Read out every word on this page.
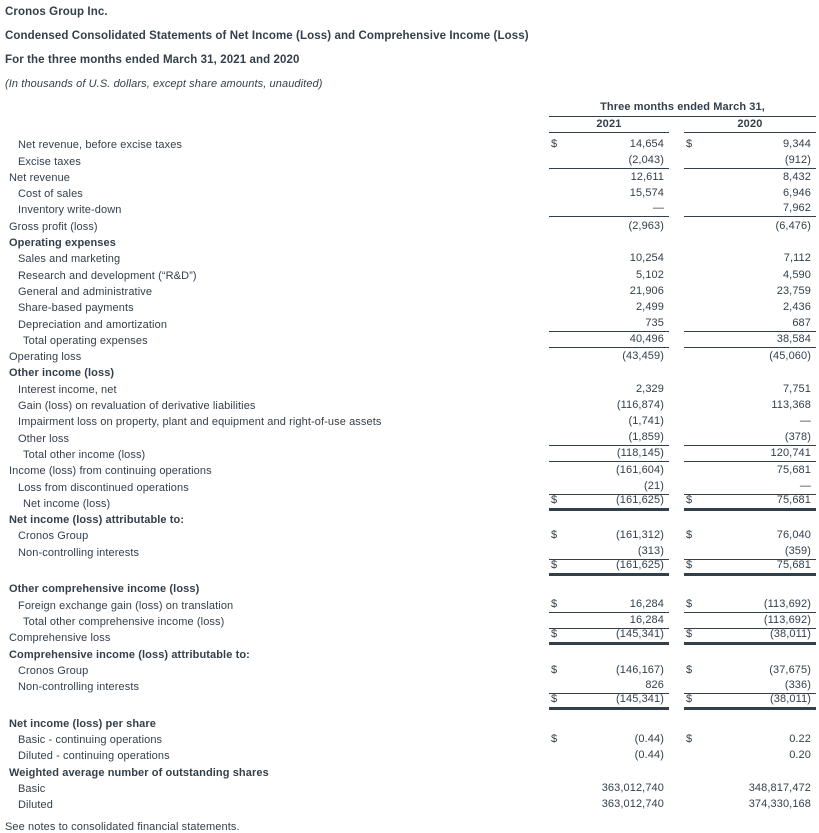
Cronos Group Inc.
Condensed Consolidated Statements of Net Income (Loss) and Comprehensive Income (Loss)
For the three months ended March 31, 2021 and 2020
(In thousands of U.S. dollars, except share amounts, unaudited)
Three months ended March 31,
2021	2020
Net revenue, before excise taxes	$	14,654 $	9,344
Excise taxes	(2,043)	(912)
Net revenue	12,611	8,432
Cost of sales	15,574	6,946
Inventory write-down	—	7,962
Gross profit (loss)	(2,963)	(6,476)
Operating expenses
Sales and marketing	10,254	7,112
Research and development (“R&D”)	5,102	4,590
General and administrative	21,906	23,759
Share-based payments	2,499	2,436
Depreciation and amortization	735	687
Total operating expenses	40,496	38,584
Operating loss	(43,459)	(45,060)
Other income (loss)
Interest income, net	2,329	7,751
Gain (loss) on revaluation of derivative liabilities	(116,874)	113,368
Impairment loss on property, plant and equipment and right-of-use assets	(1,741)	—
Other loss	(1,859)	(378)
Total other income (loss)	(118,145)	120,741
Income (loss) from continuing operations	(161,604)	75,681
Loss from discontinued operations	(21)	—
Net income (loss)	$	(161,625) $	75,681
Net income (loss) attributable to:
Cronos Group	$	(161,312) $	76,040
Non-controlling interests	(313)	(359)
$	(161,625) $	75,681
Other comprehensive income (loss)
Foreign exchange gain (loss) on translation	$	16,284 $	(113,692)
Total other comprehensive income (loss)	16,284	(113,692)
Comprehensive loss	$	(145,341) $	(38,011)
Comprehensive income (loss) attributable to:
Cronos Group	$	(146,167) $	(37,675)
Non-controlling interests	826	(336)
$	(145,341) $	(38,011)
Net income (loss) per share
Basic - continuing operations	$	(0.44) $	0.22
Diluted - continuing operations	(0.44)	0.20
Weighted average number of outstanding shares
Basic	363,012,740	348,817,472
Diluted	363,012,740	374,330,168
See notes to consolidated financial statements.
